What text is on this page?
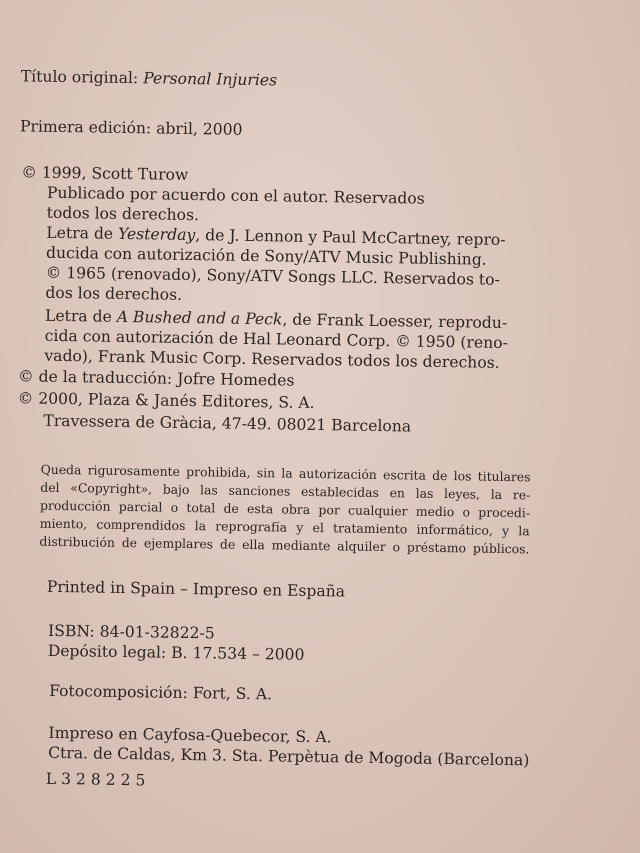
Título original: Personal Injuries
Primera edición: abril, 2000
© 1999, Scott Turow
Publicado por acuerdo con el autor. Reservados
todos los derechos.
Letra de Yesterday, de J. Lennon y Paul McCartney, repro-
ducida con autorización de Sony/ATV Music Publishing.
© 1965 (renovado), Sony/ATV Songs LLC. Reservados to-
dos los derechos.
Letra de A Bushed and a Peck, de Frank Loesser, reprodu-
cida con autorización de Hal Leonard Corp. © 1950 (reno-
vado), Frank Music Corp. Reservados todos los derechos.
© de la traducción: Jofre Homedes
© 2000, Plaza & Janés Editores, S. A.
Travessera de Gràcia, 47-49. 08021 Barcelona
Queda rigurosamente prohibida, sin la autorización escrita de los titulares
del «Copyright», bajo las sanciones establecidas en las leyes, la re-
producción parcial o total de esta obra por cualquier medio o procedi-
miento, comprendidos la reprografía y el tratamiento informático, y la
distribución de ejemplares de ella mediante alquiler o préstamo públicos.
Printed in Spain – Impreso en España
ISBN: 84-01-32822-5
Depósito legal: B. 17.534 – 2000
Fotocomposición: Fort, S. A.
Impreso en Cayfosa-Quebecor, S. A.
Ctra. de Caldas, Km 3. Sta. Perpètua de Mogoda (Barcelona)
L 3 2 8 2 2 5
